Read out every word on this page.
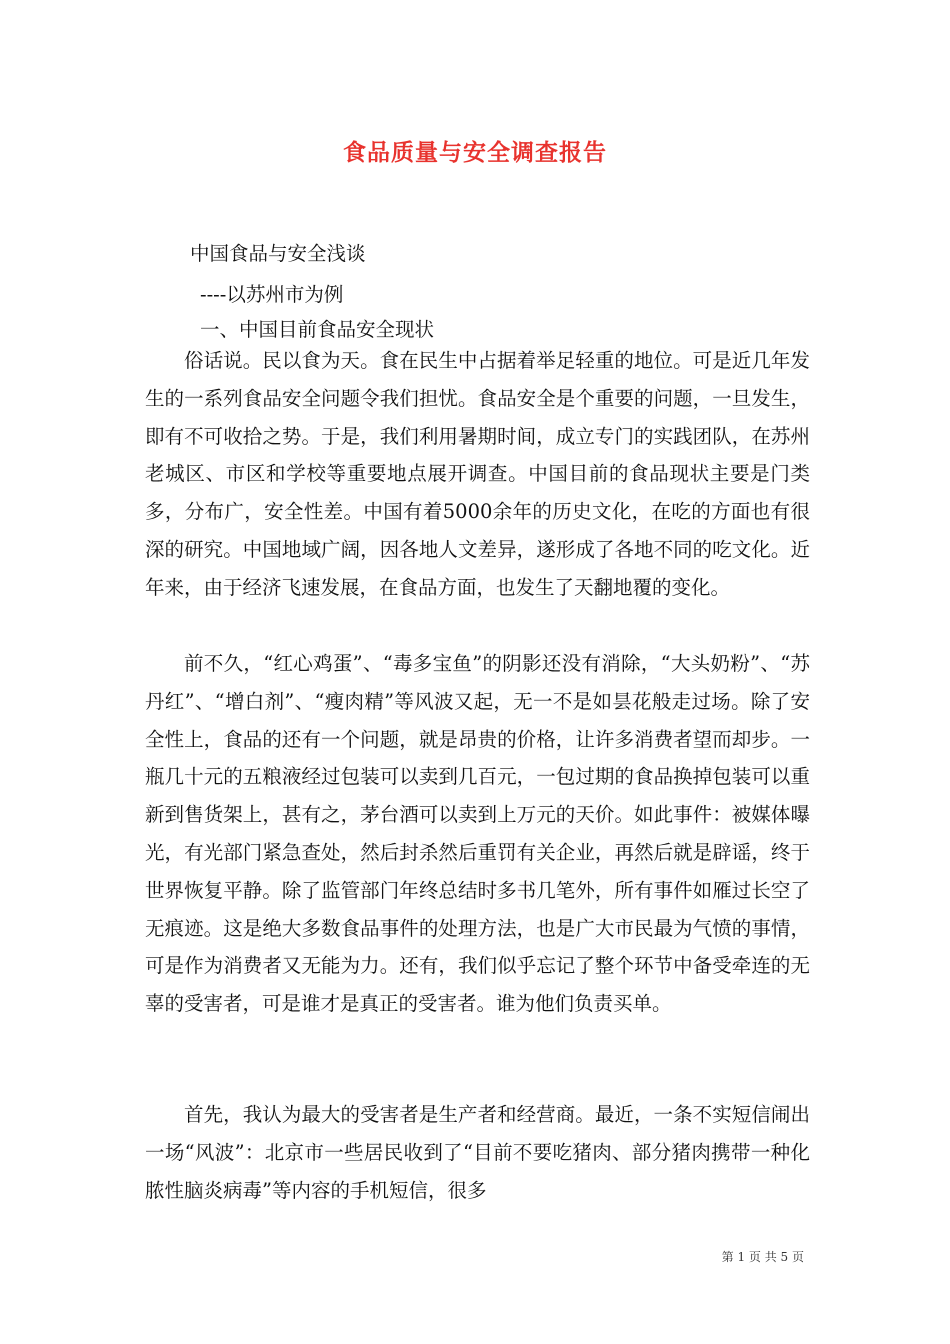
食品质量与安全调查报告

中国食品与安全浅谈

----以苏州市为例

一、中国目前食品安全现状

俗话说。民以食为天。食在民生中占据着举足轻重的地位。可是近几年发生的一系列食品安全问题令我们担忧。食品安全是个重要的问题，一旦发生，即有不可收拾之势。于是，我们利用暑期时间，成立专门的实践团队，在苏州老城区、市区和学校等重要地点展开调查。中国目前的食品现状主要是门类多，分布广，安全性差。中国有着5000余年的历史文化，在吃的方面也有很深的研究。中国地域广阔，因各地人文差异，遂形成了各地不同的吃文化。近年来，由于经济飞速发展，在食品方面，也发生了天翻地覆的变化。

前不久，“红心鸡蛋”、“毒多宝鱼”的阴影还没有消除，“大头奶粉”、“苏丹红”、“增白剂”、“瘦肉精”等风波又起，无一不是如昙花般走过场。除了安全性上，食品的还有一个问题，就是昂贵的价格，让许多消费者望而却步。一瓶几十元的五粮液经过包装可以卖到几百元，一包过期的食品换掉包装可以重新到售货架上，甚有之，茅台酒可以卖到上万元的天价。如此事件：被媒体曝光，有光部门紧急查处，然后封杀然后重罚有关企业，再然后就是辟谣，终于世界恢复平静。除了监管部门年终总结时多书几笔外，所有事件如雁过长空了无痕迹。这是绝大多数食品事件的处理方法，也是广大市民最为气愤的事情，可是作为消费者又无能为力。还有，我们似乎忘记了整个环节中备受牵连的无辜的受害者，可是谁才是真正的受害者。谁为他们负责买单。

首先，我认为最大的受害者是生产者和经营商。最近，一条不实短信闹出一场“风波”：北京市一些居民收到了“目前不要吃猪肉、部分猪肉携带一种化脓性脑炎病毒”等内容的手机短信，很多

第 1 页 共 5 页
